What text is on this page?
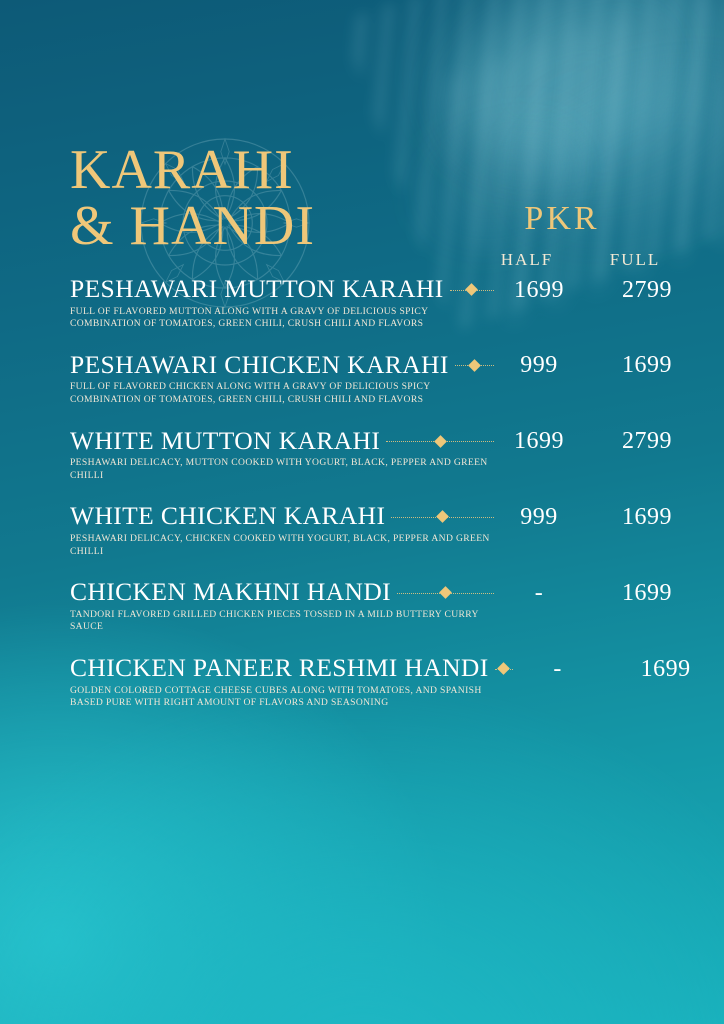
KARAHI
& HANDI	PKR
HALF	FULL
PESHAWARI MUTTON KARAHI	1699	2799
FULL OF FLAVORED MUTTON ALONG WITH A GRAVY OF DELICIOUS SPICY COMBINATION OF TOMATOES, GREEN CHILI, CRUSH CHILI AND FLAVORS
PESHAWARI CHICKEN KARAHI	999	1699
FULL OF FLAVORED CHICKEN ALONG WITH A GRAVY OF DELICIOUS SPICY COMBINATION OF TOMATOES, GREEN CHILI, CRUSH CHILI AND FLAVORS
WHITE MUTTON KARAHI	1699	2799
PESHAWARI DELICACY, MUTTON COOKED WITH YOGURT, BLACK, PEPPER AND GREEN CHILLI
WHITE CHICKEN KARAHI	999	1699
PESHAWARI DELICACY, CHICKEN COOKED WITH YOGURT, BLACK, PEPPER AND GREEN CHILLI
CHICKEN MAKHNI HANDI	-	1699
TANDORI FLAVORED GRILLED CHICKEN PIECES TOSSED IN A MILD BUTTERY CURRY SAUCE
CHICKEN PANEER RESHMI HANDI	-	1699
GOLDEN COLORED COTTAGE CHEESE CUBES ALONG WITH TOMATOES, AND SPANISH BASED PURE WITH RIGHT AMOUNT OF FLAVORS AND SEASONING
